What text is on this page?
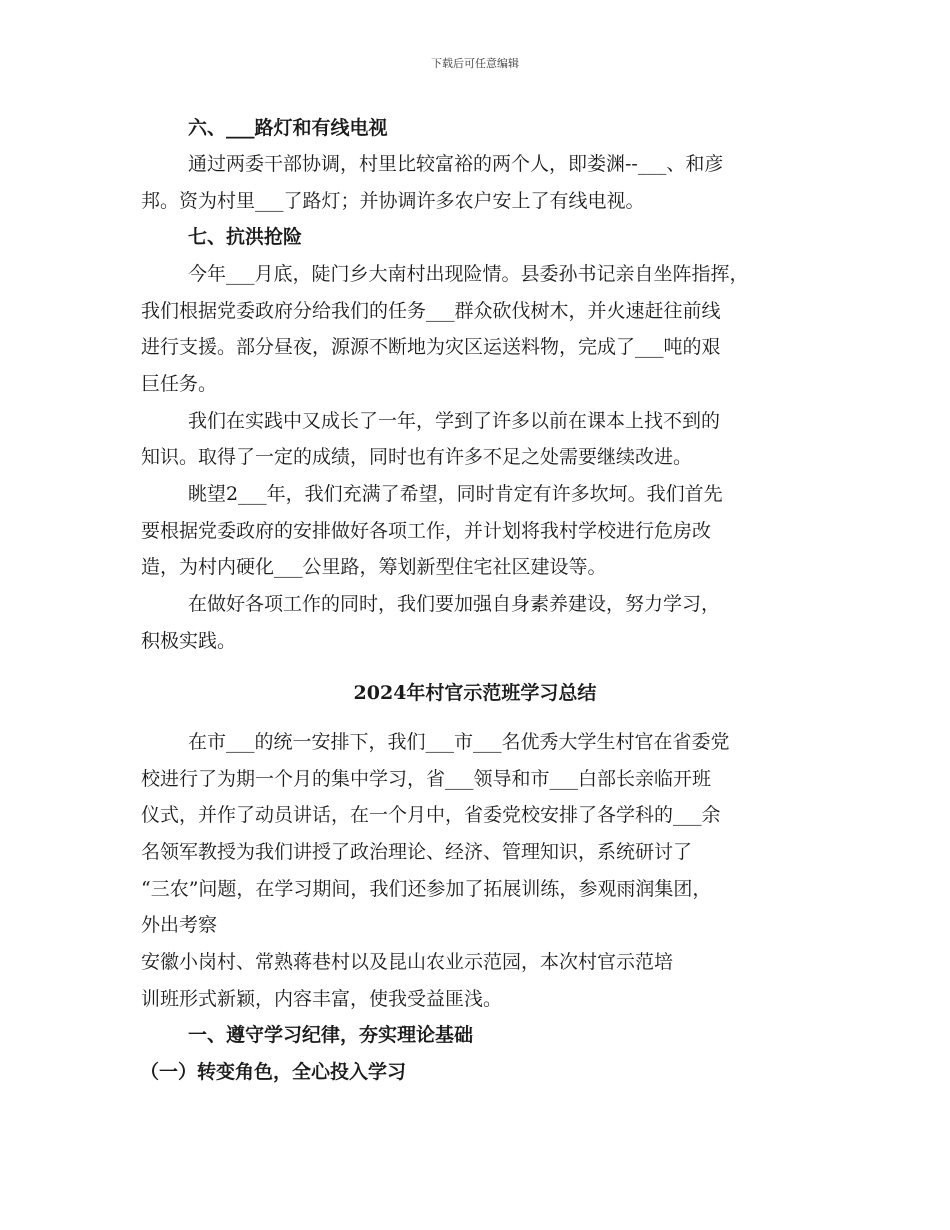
下载后可任意编辑
六、___路灯和有线电视
通过两委干部协调，村里比较富裕的两个人，即娄渊--___、和彦
邦。资为村里___了路灯；并协调许多农户安上了有线电视。
七、抗洪抢险
今年___月底，陡门乡大南村出现险情。县委孙书记亲自坐阵指挥，
我们根据党委政府分给我们的任务___群众砍伐树木，并火速赶往前线
进行支援。部分昼夜，源源不断地为灾区运送料物，完成了___吨的艰
巨任务。
我们在实践中又成长了一年，学到了许多以前在课本上找不到的
知识。取得了一定的成绩，同时也有许多不足之处需要继续改进。
眺望2___年，我们充满了希望，同时肯定有许多坎坷。我们首先
要根据党委政府的安排做好各项工作，并计划将我村学校进行危房改
造，为村内硬化___公里路，筹划新型住宅社区建设等。
在做好各项工作的同时，我们要加强自身素养建设，努力学习，
积极实践。
2024年村官示范班学习总结
在市___的统一安排下，我们___市___名优秀大学生村官在省委党
校进行了为期一个月的集中学习，省___领导和市___白部长亲临开班
仪式，并作了动员讲话，在一个月中，省委党校安排了各学科的___余
名领军教授为我们讲授了政治理论、经济、管理知识，系统研讨了
“三农”问题，在学习期间，我们还参加了拓展训练，参观雨润集团，
外出考察
安徽小岗村、常熟蒋巷村以及昆山农业示范园，本次村官示范培
训班形式新颖，内容丰富，使我受益匪浅。
一、遵守学习纪律，夯实理论基础
（一）转变角色，全心投入学习
